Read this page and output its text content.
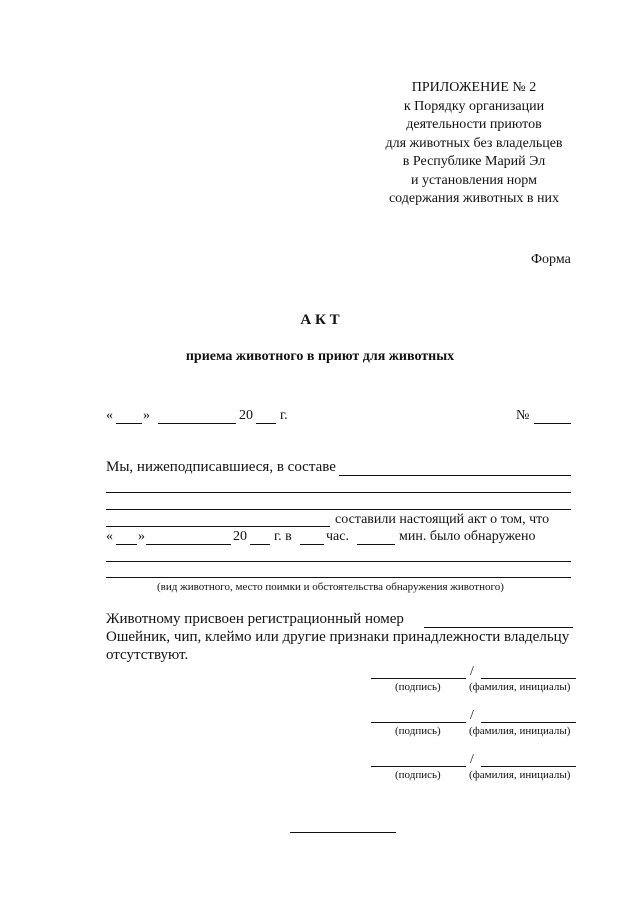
ПРИЛОЖЕНИЕ № 2
к Порядку организации
деятельности приютов
для животных без владельцев
в Республике Марий Эл
и установления норм
содержания животных в них
Форма
А К Т
приема животного в приют для животных
« »	20 г.	№
Мы, нижеподписавшиеся, в составе
составили настоящий акт о том, что
« »	20 г. в час.	мин. было обнаружено
(вид животного, место поимки и обстоятельства обнаружения животного)
Животному присвоен регистрационный номер
Ошейник, чип, клеймо или другие признаки принадлежности владельцу
отсутствуют.
/
(подпись)	(фамилия, инициалы)
/
(подпись)	(фамилия, инициалы)
/
(подпись)	(фамилия, инициалы)
